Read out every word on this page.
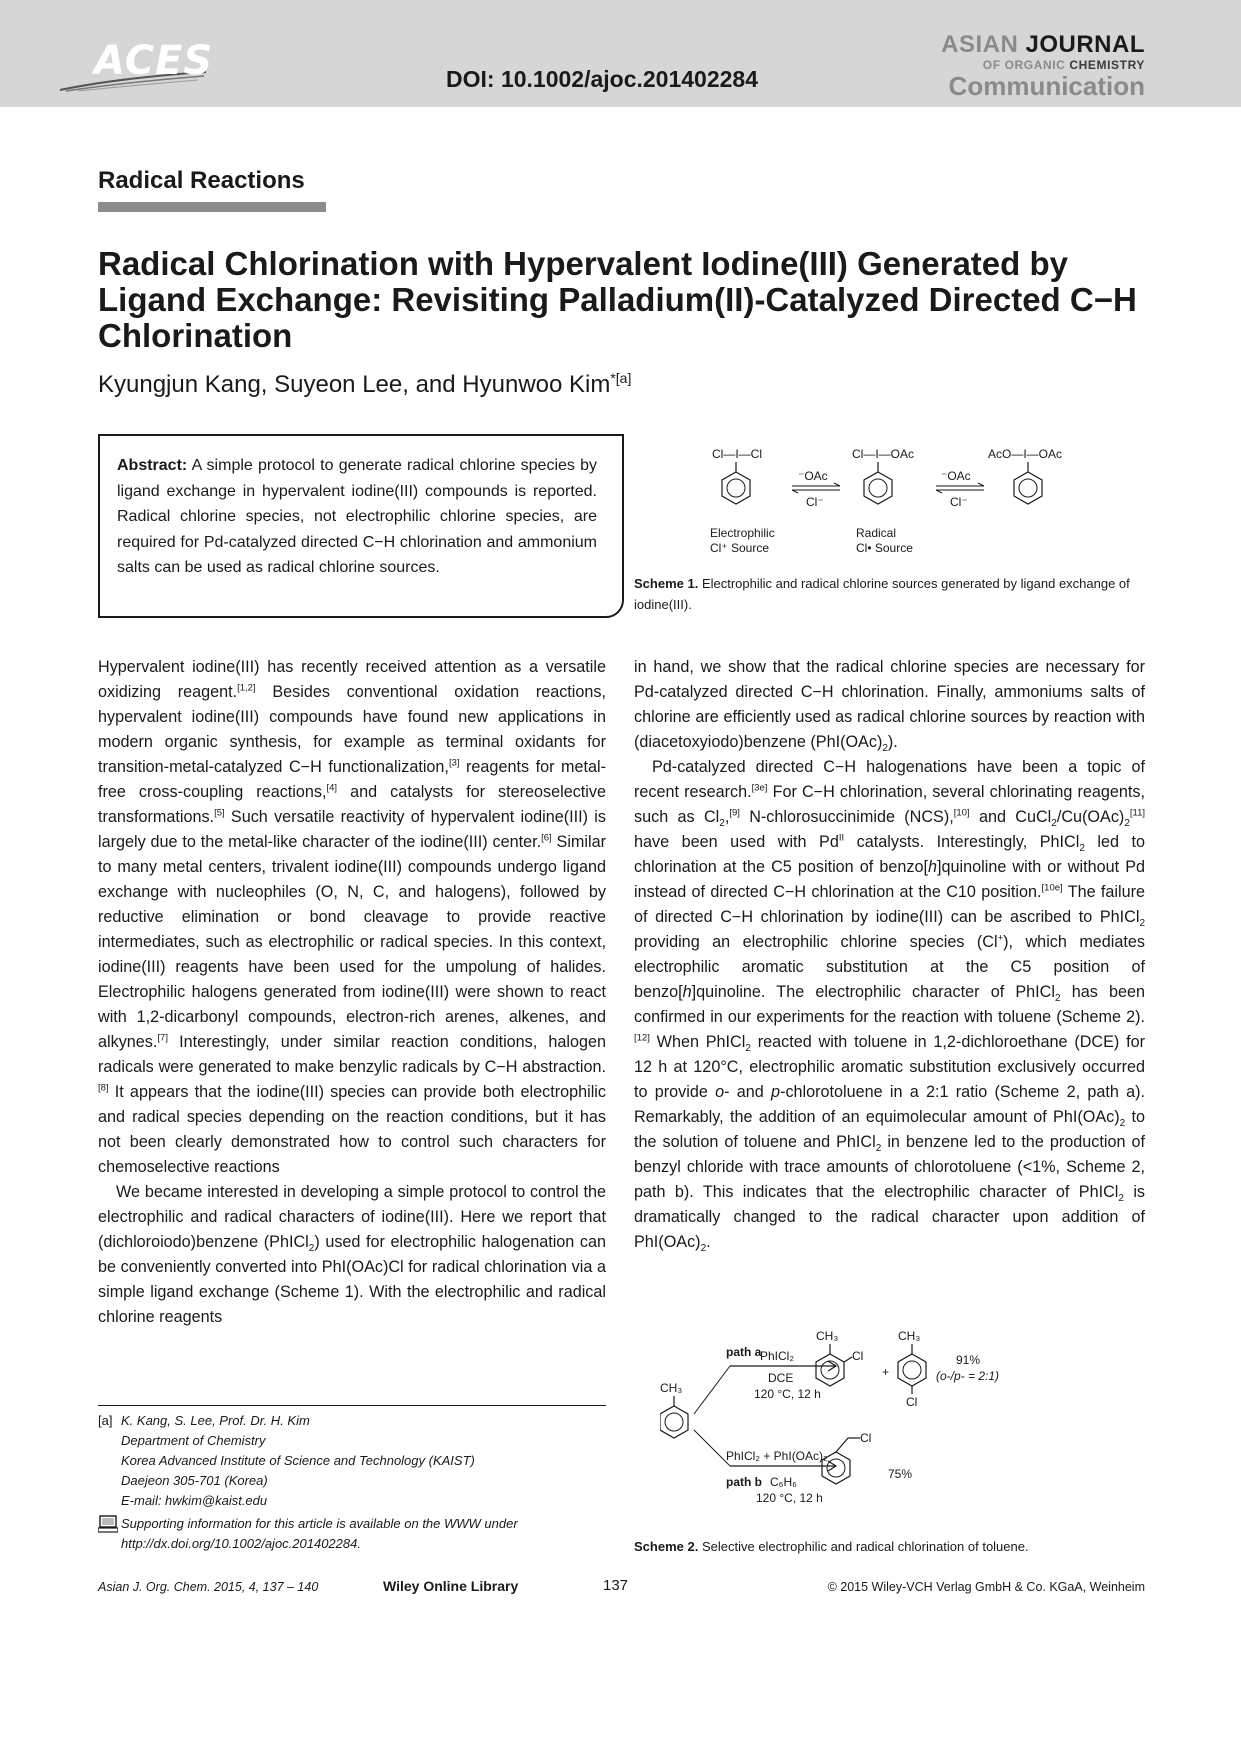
ACES	DOI: 10.1002/ajoc.201402284
ASIAN JOURNAL
OF ORGANIC CHEMISTRY
Communication
Radical Reactions
Radical Chlorination with Hypervalent Iodine(III) Generated by Ligand Exchange: Revisiting Palladium(II)-Catalyzed Directed C−H Chlorination
Kyungjun Kang, Suyeon Lee, and Hyunwoo Kim$^{*[a]}$
Abstract: A simple protocol to generate radical chlorine species by ligand exchange in hypervalent iodine(III) compounds is reported. Radical chlorine species, not electrophilic chlorine species, are required for Pd-catalyzed directed C−H chlorination and ammonium salts can be used as radical chlorine sources.
Cl—I—Cl
⁻OAc
Cl⁻
Cl—I—OAc
⁻OAc
Cl⁻
AcO—I—OAc
Electrophilic
Cl⁺ Source
Radical
Cl• Source
Scheme 1. Electrophilic and radical chlorine sources generated by ligand exchange of iodine(III).

Hypervalent iodine(III) has recently received attention as a versatile oxidizing reagent.[1,2] Besides conventional oxidation reactions, hypervalent iodine(III) compounds have found new applications in modern organic synthesis, for example as terminal oxidants for transition-metal-catalyzed C−H functionalization,[3] reagents for metal-free cross-coupling reactions,[4] and catalysts for stereoselective transformations.[5] Such versatile reactivity of hypervalent iodine(III) is largely due to the metal-like character of the iodine(III) center.[6] Similar to many metal centers, trivalent iodine(III) compounds undergo ligand exchange with nucleophiles (O, N, C, and halogens), followed by reductive elimination or bond cleavage to provide reactive intermediates, such as electrophilic or radical species. In this context, iodine(III) reagents have been used for the umpolung of halides. Electrophilic halogens generated from iodine(III) were shown to react with 1,2-dicarbonyl compounds, electron-rich arenes, alkenes, and alkynes.[7] Interestingly, under similar reaction conditions, halogen radicals were generated to make benzylic radicals by C−H abstraction.[8] It appears that the iodine(III) species can provide both electrophilic and radical species depending on the reaction conditions, but it has not been clearly demonstrated how to control such characters for chemoselective reactions

We became interested in developing a simple protocol to control the electrophilic and radical characters of iodine(III). Here we report that (dichloroiodo)benzene (PhICl$_2$) used for electrophilic halogenation can be conveniently converted into PhI(OAc)Cl for radical chlorination via a simple ligand exchange (Scheme 1). With the electrophilic and radical chlorine reagents

[a] K. Kang, S. Lee, Prof. Dr. H. Kim
Department of Chemistry
Korea Advanced Institute of Science and Technology (KAIST)
Daejeon 305-701 (Korea)
E-mail: hwkim@kaist.edu
Supporting information for this article is available on the WWW under
http://dx.doi.org/10.1002/ajoc.201402284.

in hand, we show that the radical chlorine species are necessary for Pd-catalyzed directed C−H chlorination. Finally, ammoniums salts of chlorine are efficiently used as radical chlorine sources by reaction with (diacetoxyiodo)benzene $(PhI(OAc)_2)$.

Pd-catalyzed directed C−H halogenations have been a topic of recent research.[3e] For C−H chlorination, several chlorinating reagents, such as $Cl_2,[9]$ N-chlorosuccinimide (NCS),[10] and $CuCl_2/Cu(OAc)_2[11]$ have been used with $Pd^{II}$ catalysts. Interestingly, PhICl$_2$ led to chlorination at the C5 position of benzo[h]quinoline with or without Pd instead of directed C−H chlorination at the C10 position.[10e] The failure of directed C−H chlorination by iodine(III) can be ascribed to PhICl$_2$ providing an electrophilic chlorine species (Cl+), which mediates electrophilic aromatic substitution at the C5 position of benzo[h]quinoline. The electrophilic character of PhICl$_2$ has been confirmed in our experiments for the reaction with toluene (Scheme 2).[12] When PhICl$_2$ reacted with toluene in 1,2-dichloroethane (DCE) for 12 h at 120°C, electrophilic aromatic substitution exclusively occurred to provide o- and p-chlorotoluene in a 2:1 ratio (Scheme 2, path a). Remarkably, the addition of an equimolecular amount of $PhI(OAc)_2$ to the solution of toluene and PhICl$_2$ in benzene led to the production of benzyl chloride with trace amounts of chlorotoluene (<1%, Scheme 2, path b). This indicates that the electrophilic character of PhICl$_2$ is dramatically changed to the radical character upon addition of $PhI(OAc)_2$.

CH₃
path a
PhICl₂
DCE
120 °C, 12 h
CH₃
Cl
+
CH₃
Cl
91%
(o-/p- = 2:1)
PhICl₂ + PhI(OAc)₂
path b C₆H₆
120 °C, 12 h
Cl
75%
Scheme 2. Selective electrophilic and radical chlorination of toluene.
Asian J. Org. Chem. 2015, 4, 137 – 140	Wiley Online Library	137	© 2015 Wiley-VCH Verlag GmbH & Co. KGaA, Weinheim
